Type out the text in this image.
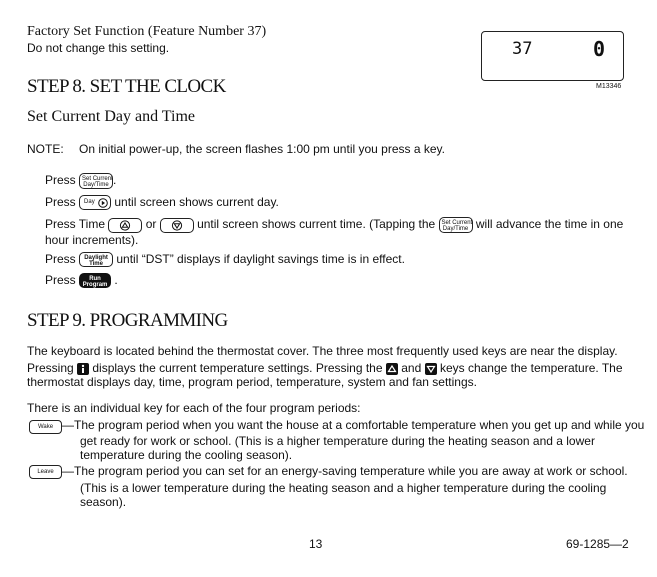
Factory Set Function (Feature Number 37)
Do not change this setting.	37	0
M13346
STEP 8. SET THE CLOCK
Set Current Day and Time
NOTE: On initial power-up, the screen flashes 1:00 pm until you press a key.
Press Set Current
Day/Time .
Press Day until screen shows current day.
Press Time	or	until screen shows current time. (Tapping the Set Current
Day/Time will advance the time in one
hour increments).
Press Daylight
Time until “DST” displays if daylight savings time is in effect.
Press Run
Program .
STEP 9. PROGRAMMING
The keyboard is located behind the thermostat cover. The three most frequently used keys are near the display.
Pressing displays the current temperature settings. Pressing the and keys change the temperature. The
thermostat displays day, time, program period, temperature, system and fan settings.
There is an individual key for each of the four program periods:
Wake —The program period when you want the house at a comfortable temperature when you get up and while you
get ready for work or school. (This is a higher temperature during the heating season and a lower
temperature during the cooling season).
Leave —The program period you can set for an energy-saving temperature while you are away at work or school.
(This is a lower temperature during the heating season and a higher temperature during the cooling
season).
13	69-1285—2
